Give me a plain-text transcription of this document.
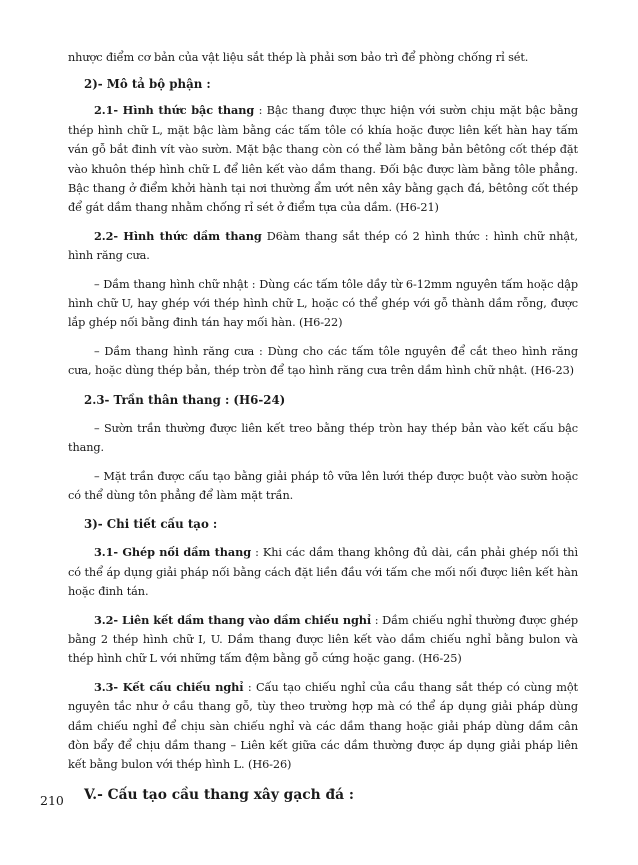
nhược điểm cơ bản của vật liệu sắt thép là phải sơn bảo trì để phòng chống rỉ sét.

2)- Mô tả bộ phận :

2.1- Hình thức bậc thang : Bậc thang được thực hiện với sườn chịu mặt bậc bằng thép hình chữ L, mặt bậc làm bằng các tấm tôle có khía hoặc được liên kết hàn hay tấm ván gỗ bắt đinh vít vào sườn. Mặt bậc thang còn có thể làm bằng bản bêtông cốt thép đặt vào khuôn thép hình chữ L để liên kết vào dầm thang. Đối bậc được làm bằng tôle phẳng. Bậc thang ở điểm khởi hành tại nơi thường ẩm ướt nên xây bằng gạch đá, bêtông cốt thép để gát dầm thang nhằm chống rỉ sét ở điểm tựa của dầm. (H6-21)

2.2- Hình thức dầm thang D6àm thang sắt thép có 2 hình thức : hình chữ nhật, hình răng cưa.

– Dầm thang hình chữ nhật : Dùng các tấm tôle dầy từ 6-12mm nguyên tấm hoặc dập hình chữ U, hay ghép với thép hình chữ L, hoặc có thể ghép với gỗ thành dầm rỗng, được lắp ghép nối bằng đinh tán hay mối hàn. (H6-22)

– Dầm thang hình răng cưa : Dùng cho các tấm tôle nguyên để cắt theo hình răng cưa, hoặc dùng thép bản, thép tròn để tạo hình răng cưa trên dầm hình chữ nhật. (H6-23)

2.3- Trần thân thang : (H6-24)

– Sườn trần thường được liên kết treo bằng thép tròn hay thép bản vào kết cấu bậc thang.

– Mặt trần được cấu tạo bằng giải pháp tô vữa lên lưới thép được buột vào sườn hoặc có thể dùng tôn phẳng để làm mặt trần.

3)- Chi tiết cấu tạo :

3.1- Ghép nối dầm thang : Khi các dầm thang không đủ dài, cần phải ghép nối thì có thể áp dụng giải pháp nối bằng cách đặt liền đầu với tấm che mối nối được liên kết hàn hoặc đinh tán.

3.2- Liên kết dầm thang vào dầm chiếu nghỉ : Dầm chiếu nghỉ thường được ghép bằng 2 thép hình chữ I, U. Dầm thang được liên kết vào dầm chiếu nghỉ bằng bulon và thép hình chữ L với những tấm đệm bằng gỗ cứng hoặc gang. (H6-25)

3.3- Kết cấu chiếu nghỉ : Cấu tạo chiếu nghỉ của cầu thang sắt thép có cùng một nguyên tắc như ở cầu thang gỗ, tùy theo trường hợp mà có thể áp dụng giải pháp dùng dầm chiếu nghỉ để chịu sàn chiếu nghỉ và các dầm thang hoặc giải pháp dùng dầm cân đòn bẩy để chịu dầm thang – Liên kết giữa các dầm thường được áp dụng giải pháp liên kết bằng bulon với thép hình L. (H6-26)

V.- Cấu tạo cầu thang xây gạch đá :
210
